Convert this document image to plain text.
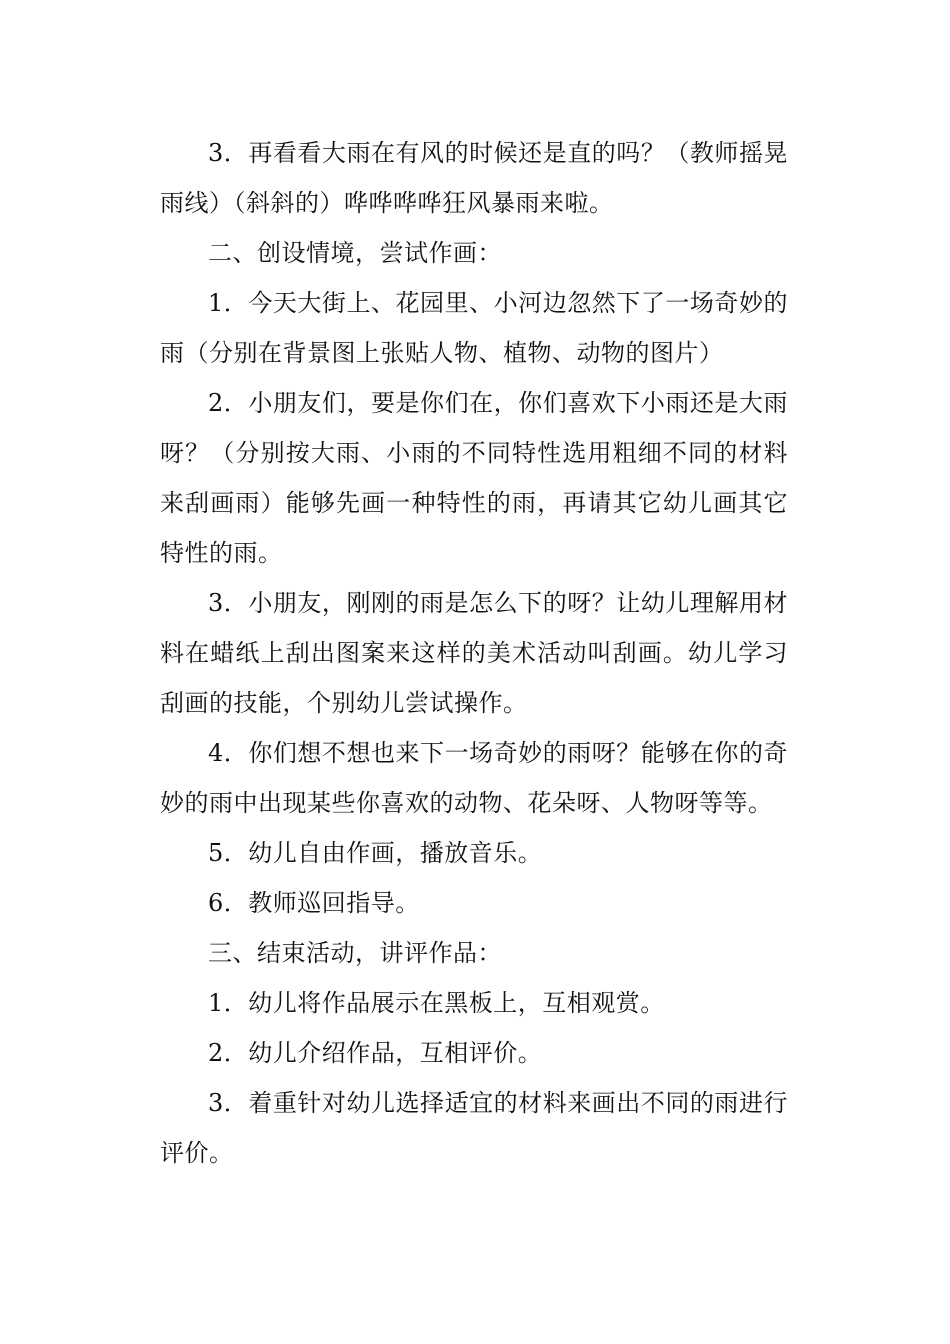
3．再看看大雨在有风的时候还是直的吗？（教师摇晃雨线）（斜斜的）哗哗哗哗狂风暴雨来啦。

二、创设情境，尝试作画：

1．今天大街上、花园里、小河边忽然下了一场奇妙的雨（分别在背景图上张贴人物、植物、动物的图片）

2．小朋友们，要是你们在，你们喜欢下小雨还是大雨呀？（分别按大雨、小雨的不同特性选用粗细不同的材料来刮画雨）能够先画一种特性的雨，再请其它幼儿画其它特性的雨。

3．小朋友，刚刚的雨是怎么下的呀？让幼儿理解用材料在蜡纸上刮出图案来这样的美术活动叫刮画。幼儿学习刮画的技能，个别幼儿尝试操作。

4．你们想不想也来下一场奇妙的雨呀？能够在你的奇妙的雨中出现某些你喜欢的动物、花朵呀、人物呀等等。

5．幼儿自由作画，播放音乐。

6．教师巡回指导。

三、结束活动，讲评作品：

1．幼儿将作品展示在黑板上，互相观赏。

2．幼儿介绍作品，互相评价。

3．着重针对幼儿选择适宜的材料来画出不同的雨进行评价。
